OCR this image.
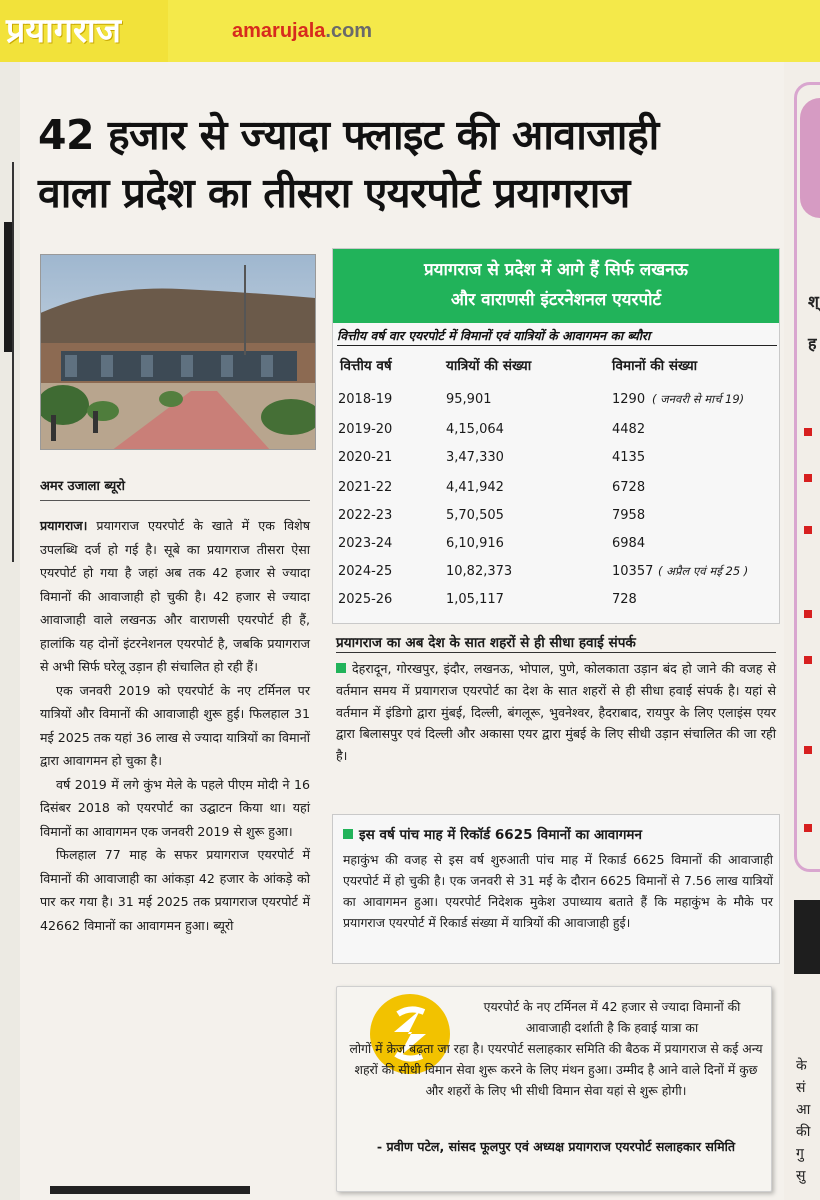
प्रयागराज	amarujala.com
42 हजार से ज्यादा फ्लाइट की आवाजाही
वाला प्रदेश का तीसरा एयरपोर्ट प्रयागराज
अमर उजाला ब्यूरो

प्रयागराज। प्रयागराज एयरपोर्ट के खाते में एक विशेष उपलब्धि दर्ज हो गई है। सूबे का प्रयागराज तीसरा ऐसा एयरपोर्ट हो गया है जहां अब तक 42 हजार से ज्यादा विमानों की आवाजाही हो चुकी है। 42 हजार से ज्यादा आवाजाही वाले लखनऊ और वाराणसी एयरपोर्ट ही हैं, हालांकि यह दोनों इंटरनेशनल एयरपोर्ट है, जबकि प्रयागराज से अभी सिर्फ घरेलू उड़ान ही संचालित हो रही हैं।

एक जनवरी 2019 को एयरपोर्ट के नए टर्मिनल पर यात्रियों और विमानों की आवाजाही शुरू हुई। फिलहाल 31 मई 2025 तक यहां 36 लाख से ज्यादा यात्रियों का विमानों द्वारा आवागमन हो चुका है।

वर्ष 2019 में लगे कुंभ मेले के पहले पीएम मोदी ने 16 दिसंबर 2018 को एयरपोर्ट का उद्घाटन किया था। यहां विमानों का आवागमन एक जनवरी 2019 से शुरू हुआ।

फिलहाल 77 माह के सफर प्रयागराज एयरपोर्ट में विमानों की आवाजाही का आंकड़ा 42 हजार के आंकड़े को पार कर गया है। 31 मई 2025 तक प्रयागराज एयरपोर्ट में 42662 विमानों का आवागमन हुआ। ब्यूरो

प्रयागराज से प्रदेश में आगे हैं सिर्फ लखनऊ
और वाराणसी इंटरनेशनल एयरपोर्ट
वित्तीय वर्ष वार एयरपोर्ट में विमानों एवं यात्रियों के आवागमन का ब्यौरा
वित्तीय वर्ष	यात्रियों की संख्या	विमानों की संख्या
2018-19	95,901	1290 ( जनवरी से मार्च 19)
2019-20	4,15,064	4482
2020-21	3,47,330	4135
2021-22	4,41,942	6728
2022-23	5,70,505	7958
2023-24	6,10,916	6984
2024-25	10,82,373	10357 ( अप्रैल एवं मई 25 )
2025-26	1,05,117	728
प्रयागराज का अब देश के सात शहरों से ही सीधा हवाई संपर्क
देहरादून, गोरखपुर, इंदौर, लखनऊ, भोपाल, पुणे, कोलकाता उड़ान बंद हो जाने की वजह से वर्तमान समय में प्रयागराज एयरपोर्ट का देश के सात शहरों से ही सीधा हवाई संपर्क है। यहां से वर्तमान में इंडिगो द्वारा मुंबई, दिल्ली, बंगलूरू, भुवनेश्वर, हैदराबाद, रायपुर के लिए एलाइंस एयर द्वारा बिलासपुर एवं दिल्ली और अकासा एयर द्वारा मुंबई के लिए सीधी उड़ान संचालित की जा रही है।
इस वर्ष पांच माह में रिकॉर्ड 6625 विमानों का आवागमन
महाकुंभ की वजह से इस वर्ष शुरुआती पांच माह में रिकार्ड 6625 विमानों की आवाजाही एयरपोर्ट में हो चुकी है। एक जनवरी से 31 मई के दौरान 6625 विमानों से 7.56 लाख यात्रियों का आवागमन हुआ। एयरपोर्ट निदेशक मुकेश उपाध्याय बताते हैं कि महाकुंभ के मौके पर प्रयागराज एयरपोर्ट में रिकार्ड संख्या में यात्रियों की आवाजाही हुई।
एयरपोर्ट के नए टर्मिनल में 42 हजार से ज्यादा विमानों की आवाजाही दर्शाती है कि हवाई यात्रा का
लोगों में क्रेज बढ़ता जा रहा है। एयरपोर्ट सलाहकार समिति की बैठक में प्रयागराज से कई अन्य शहरों की सीधी विमान सेवा शुरू करने के लिए मंथन हुआ। उम्मीद है आने वाले दिनों में कुछ और शहरों के लिए भी सीधी विमान सेवा यहां से शुरू होगी।
- प्रवीण पटेल, सांसद फूलपुर एवं अध्यक्ष प्रयागराज एयरपोर्ट सलाहकार समिति
श्
ह
के
सं
आ
की
गु
सु
